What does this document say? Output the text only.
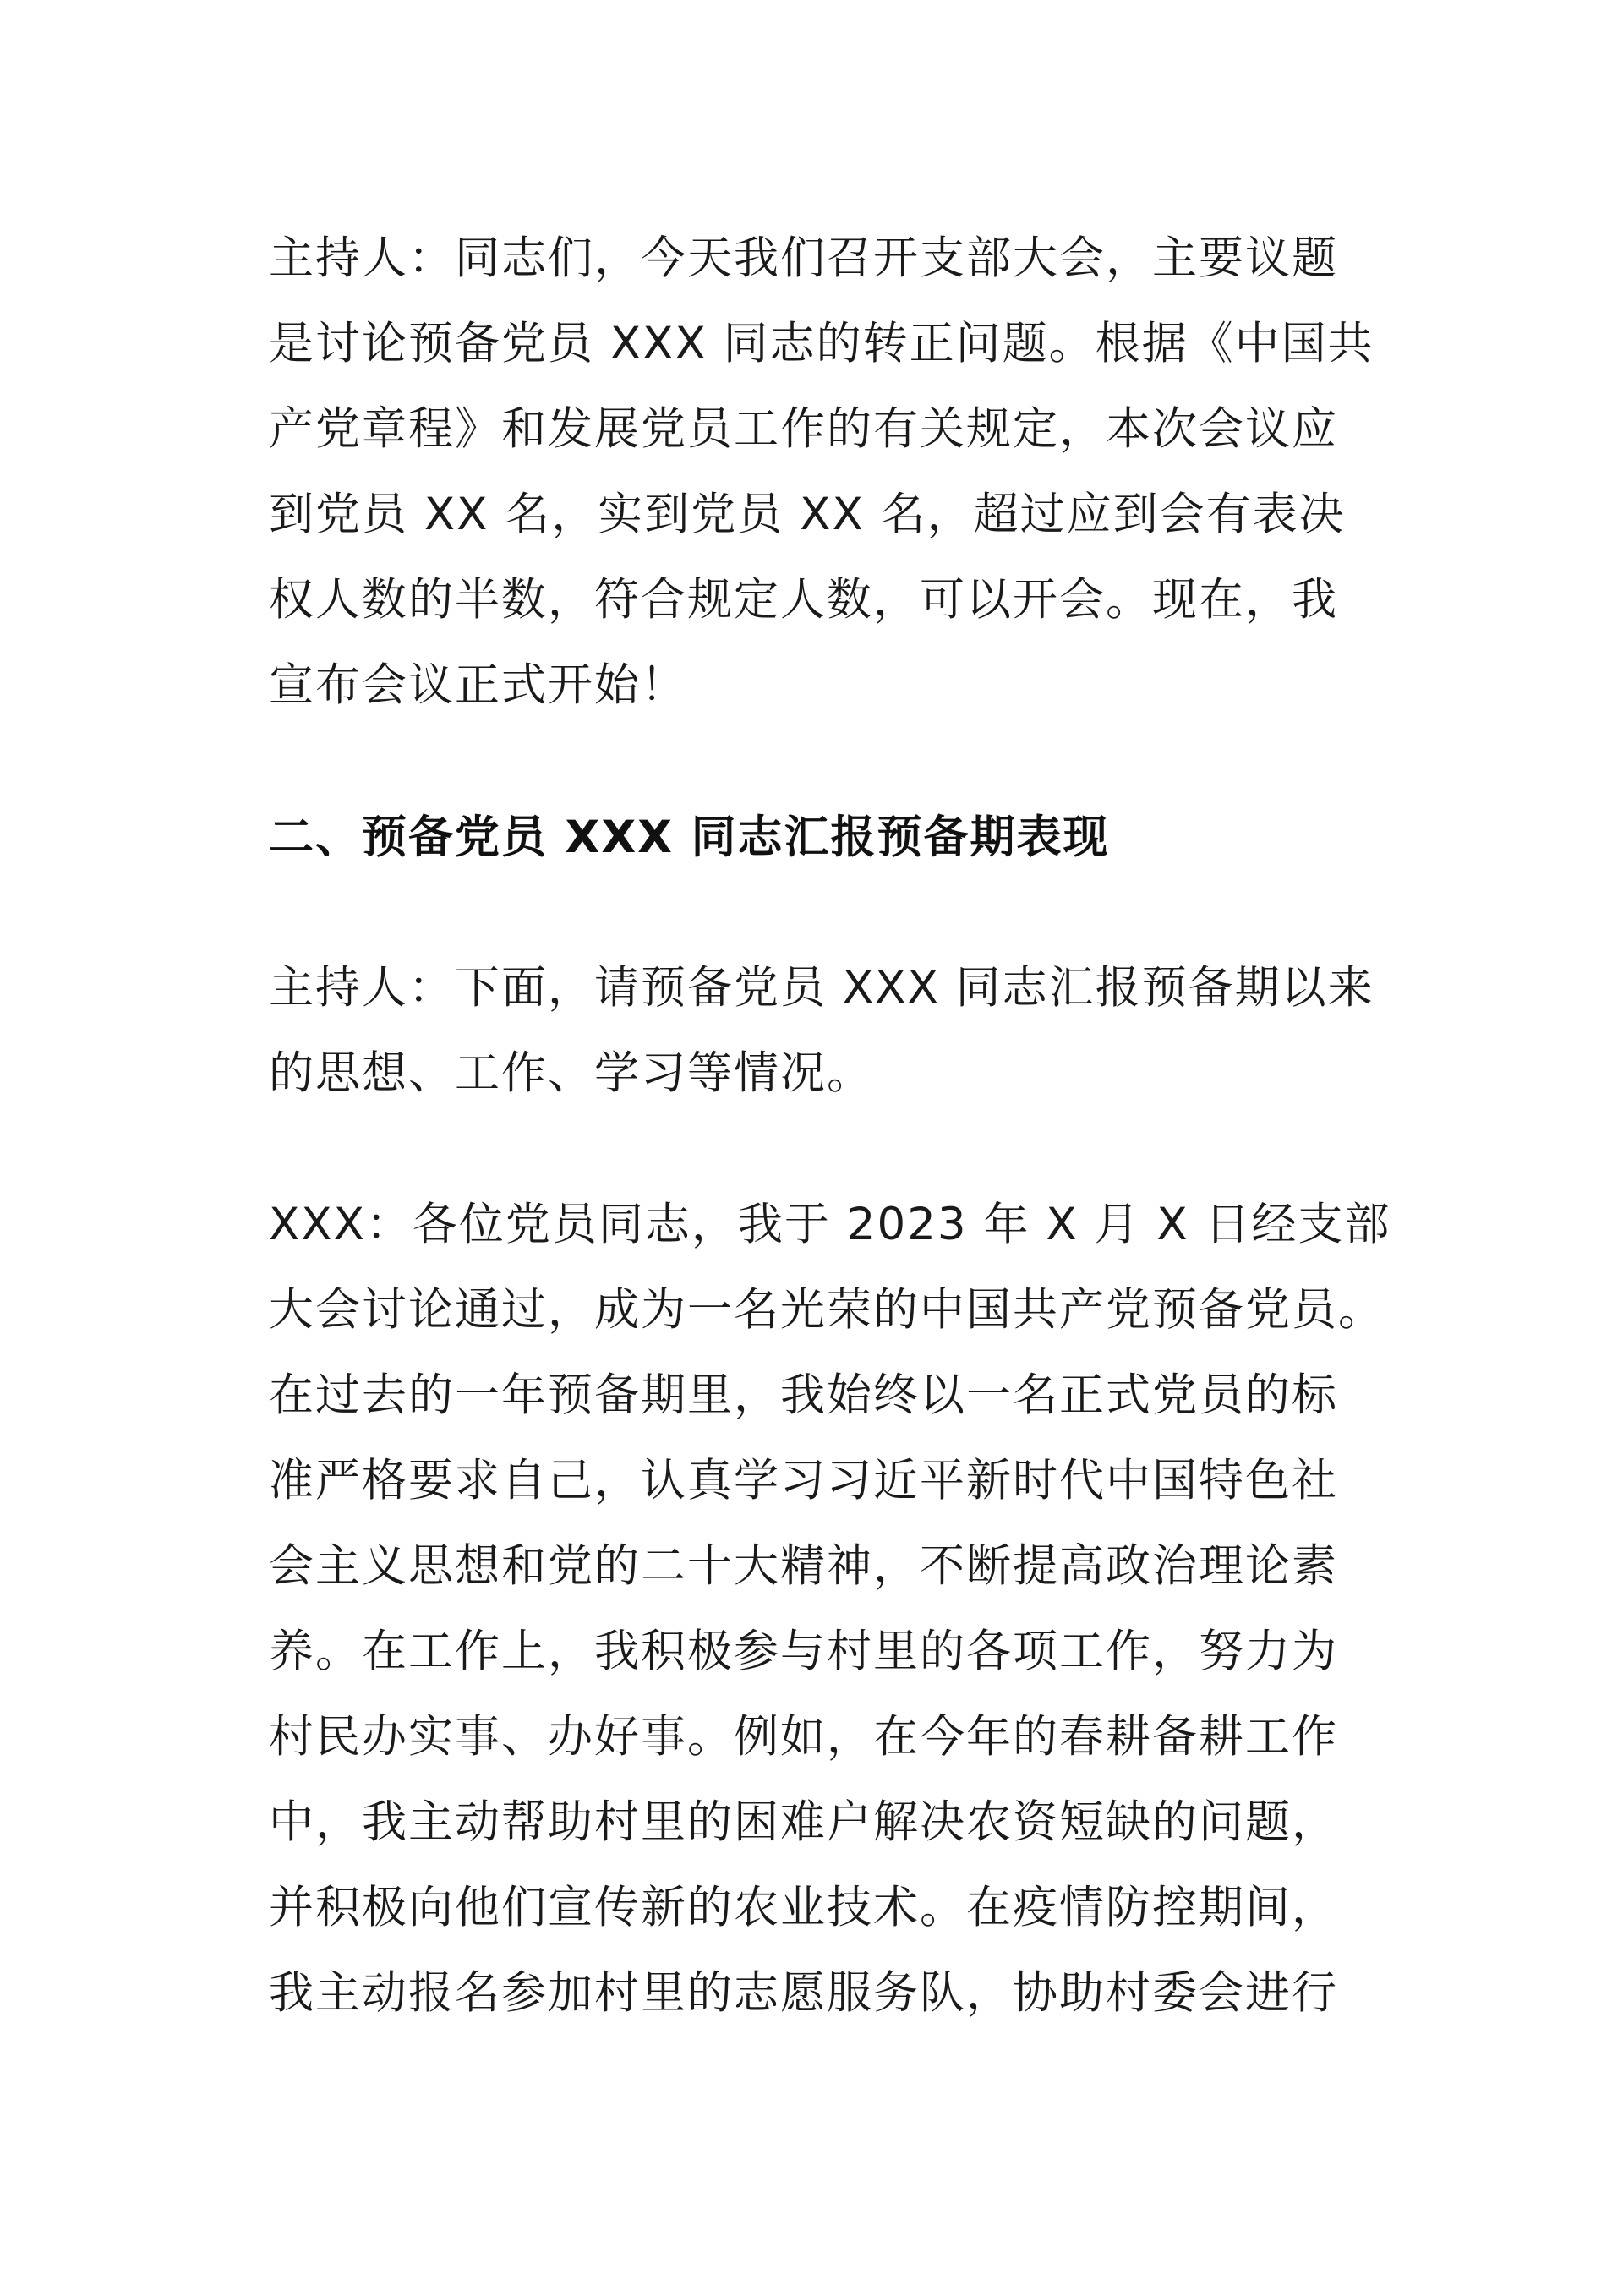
主持人：同志们，今天我们召开支部大会，主要议题
是讨论预备党员 XXX 同志的转正问题。根据《中国共
产党章程》和发展党员工作的有关规定，本次会议应
到党员 XX 名，实到党员 XX 名，超过应到会有表决
权人数的半数，符合规定人数，可以开会。现在，我
宣布会议正式开始！
二、预备党员 XXX 同志汇报预备期表现
主持人：下面，请预备党员 XXX 同志汇报预备期以来
的思想、工作、学习等情况。
XXX：各位党员同志，我于 2023 年 X 月 X 日经支部
大会讨论通过，成为一名光荣的中国共产党预备党员。
在过去的一年预备期里，我始终以一名正式党员的标
准严格要求自己，认真学习习近平新时代中国特色社
会主义思想和党的二十大精神，不断提高政治理论素
养。在工作上，我积极参与村里的各项工作，努力为
村民办实事、办好事。例如，在今年的春耕备耕工作
中，我主动帮助村里的困难户解决农资短缺的问题，
并积极向他们宣传新的农业技术。在疫情防控期间，
我主动报名参加村里的志愿服务队，协助村委会进行
